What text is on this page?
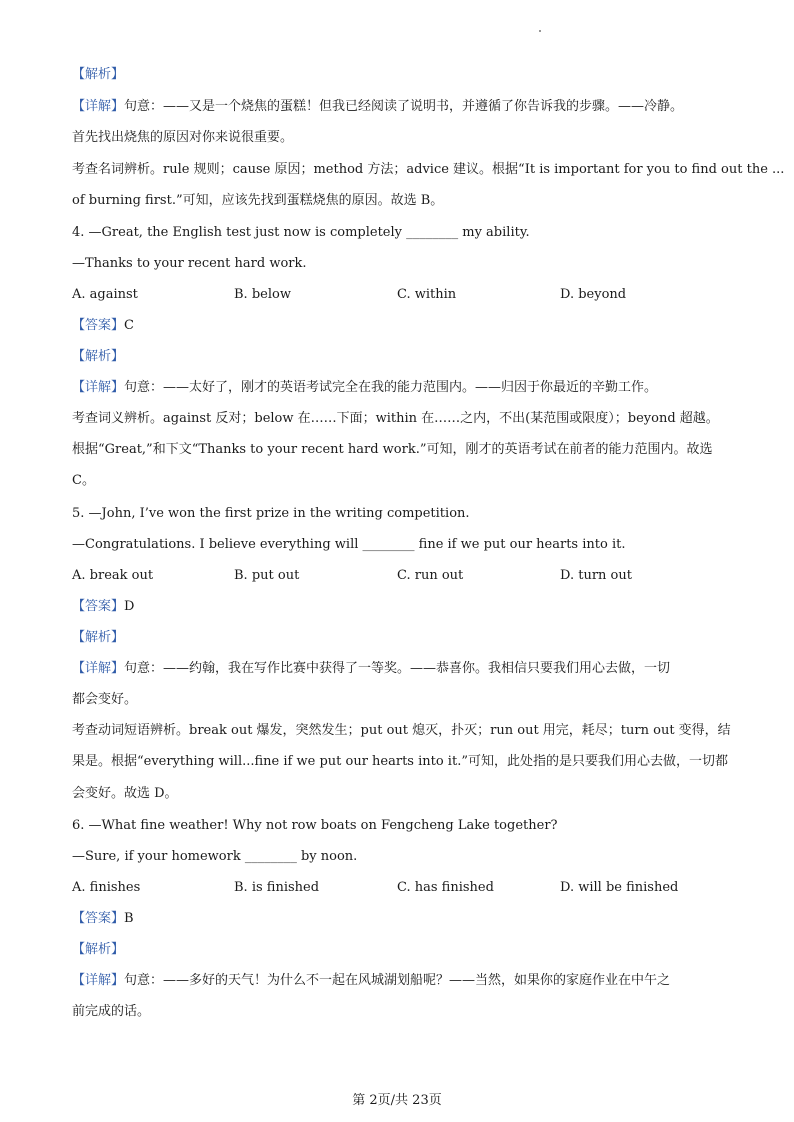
【解析】
【详解】句意：——又是一个烧焦的蛋糕！但我已经阅读了说明书，并遵循了你告诉我的步骤。——冷静。
首先找出烧焦的原因对你来说很重要。
考查名词辨析。rule 规则；cause 原因；method 方法；advice 建议。根据“It is important for you to find out the ...
of burning first.”可知，应该先找到蛋糕烧焦的原因。故选 B。
4. —Great, the English test just now is completely ________ my ability.
—Thanks to your recent hard work.
A. against	B. below	C. within	D. beyond
【答案】C
【解析】
【详解】句意：——太好了，刚才的英语考试完全在我的能力范围内。——归因于你最近的辛勤工作。
考查词义辨析。against 反对；below 在……下面；within 在……之内，不出(某范围或限度）；beyond 超越。
根据“Great,”和下文“Thanks to your recent hard work.”可知，刚才的英语考试在前者的能力范围内。故选
C。
5. —John, I’ve won the first prize in the writing competition.
—Congratulations. I believe everything will ________ fine if we put our hearts into it.
A. break out	B. put out	C. run out	D. turn out
【答案】D
【解析】
【详解】句意：——约翰，我在写作比赛中获得了一等奖。——恭喜你。我相信只要我们用心去做，一切
都会变好。
考查动词短语辨析。break out 爆发，突然发生；put out 熄灭，扑灭；run out 用完，耗尽；turn out 变得，结
果是。根据“everything will...fine if we put our hearts into it.”可知，此处指的是只要我们用心去做，一切都
会变好。故选 D。
6. —What fine weather! Why not row boats on Fengcheng Lake together?
—Sure, if your homework ________ by noon.
A. finishes	B. is finished	C. has finished	D. will be finished
【答案】B
【解析】
【详解】句意：——多好的天气！为什么不一起在风城湖划船呢？——当然，如果你的家庭作业在中午之
前完成的话。
第 2页/共 23页
